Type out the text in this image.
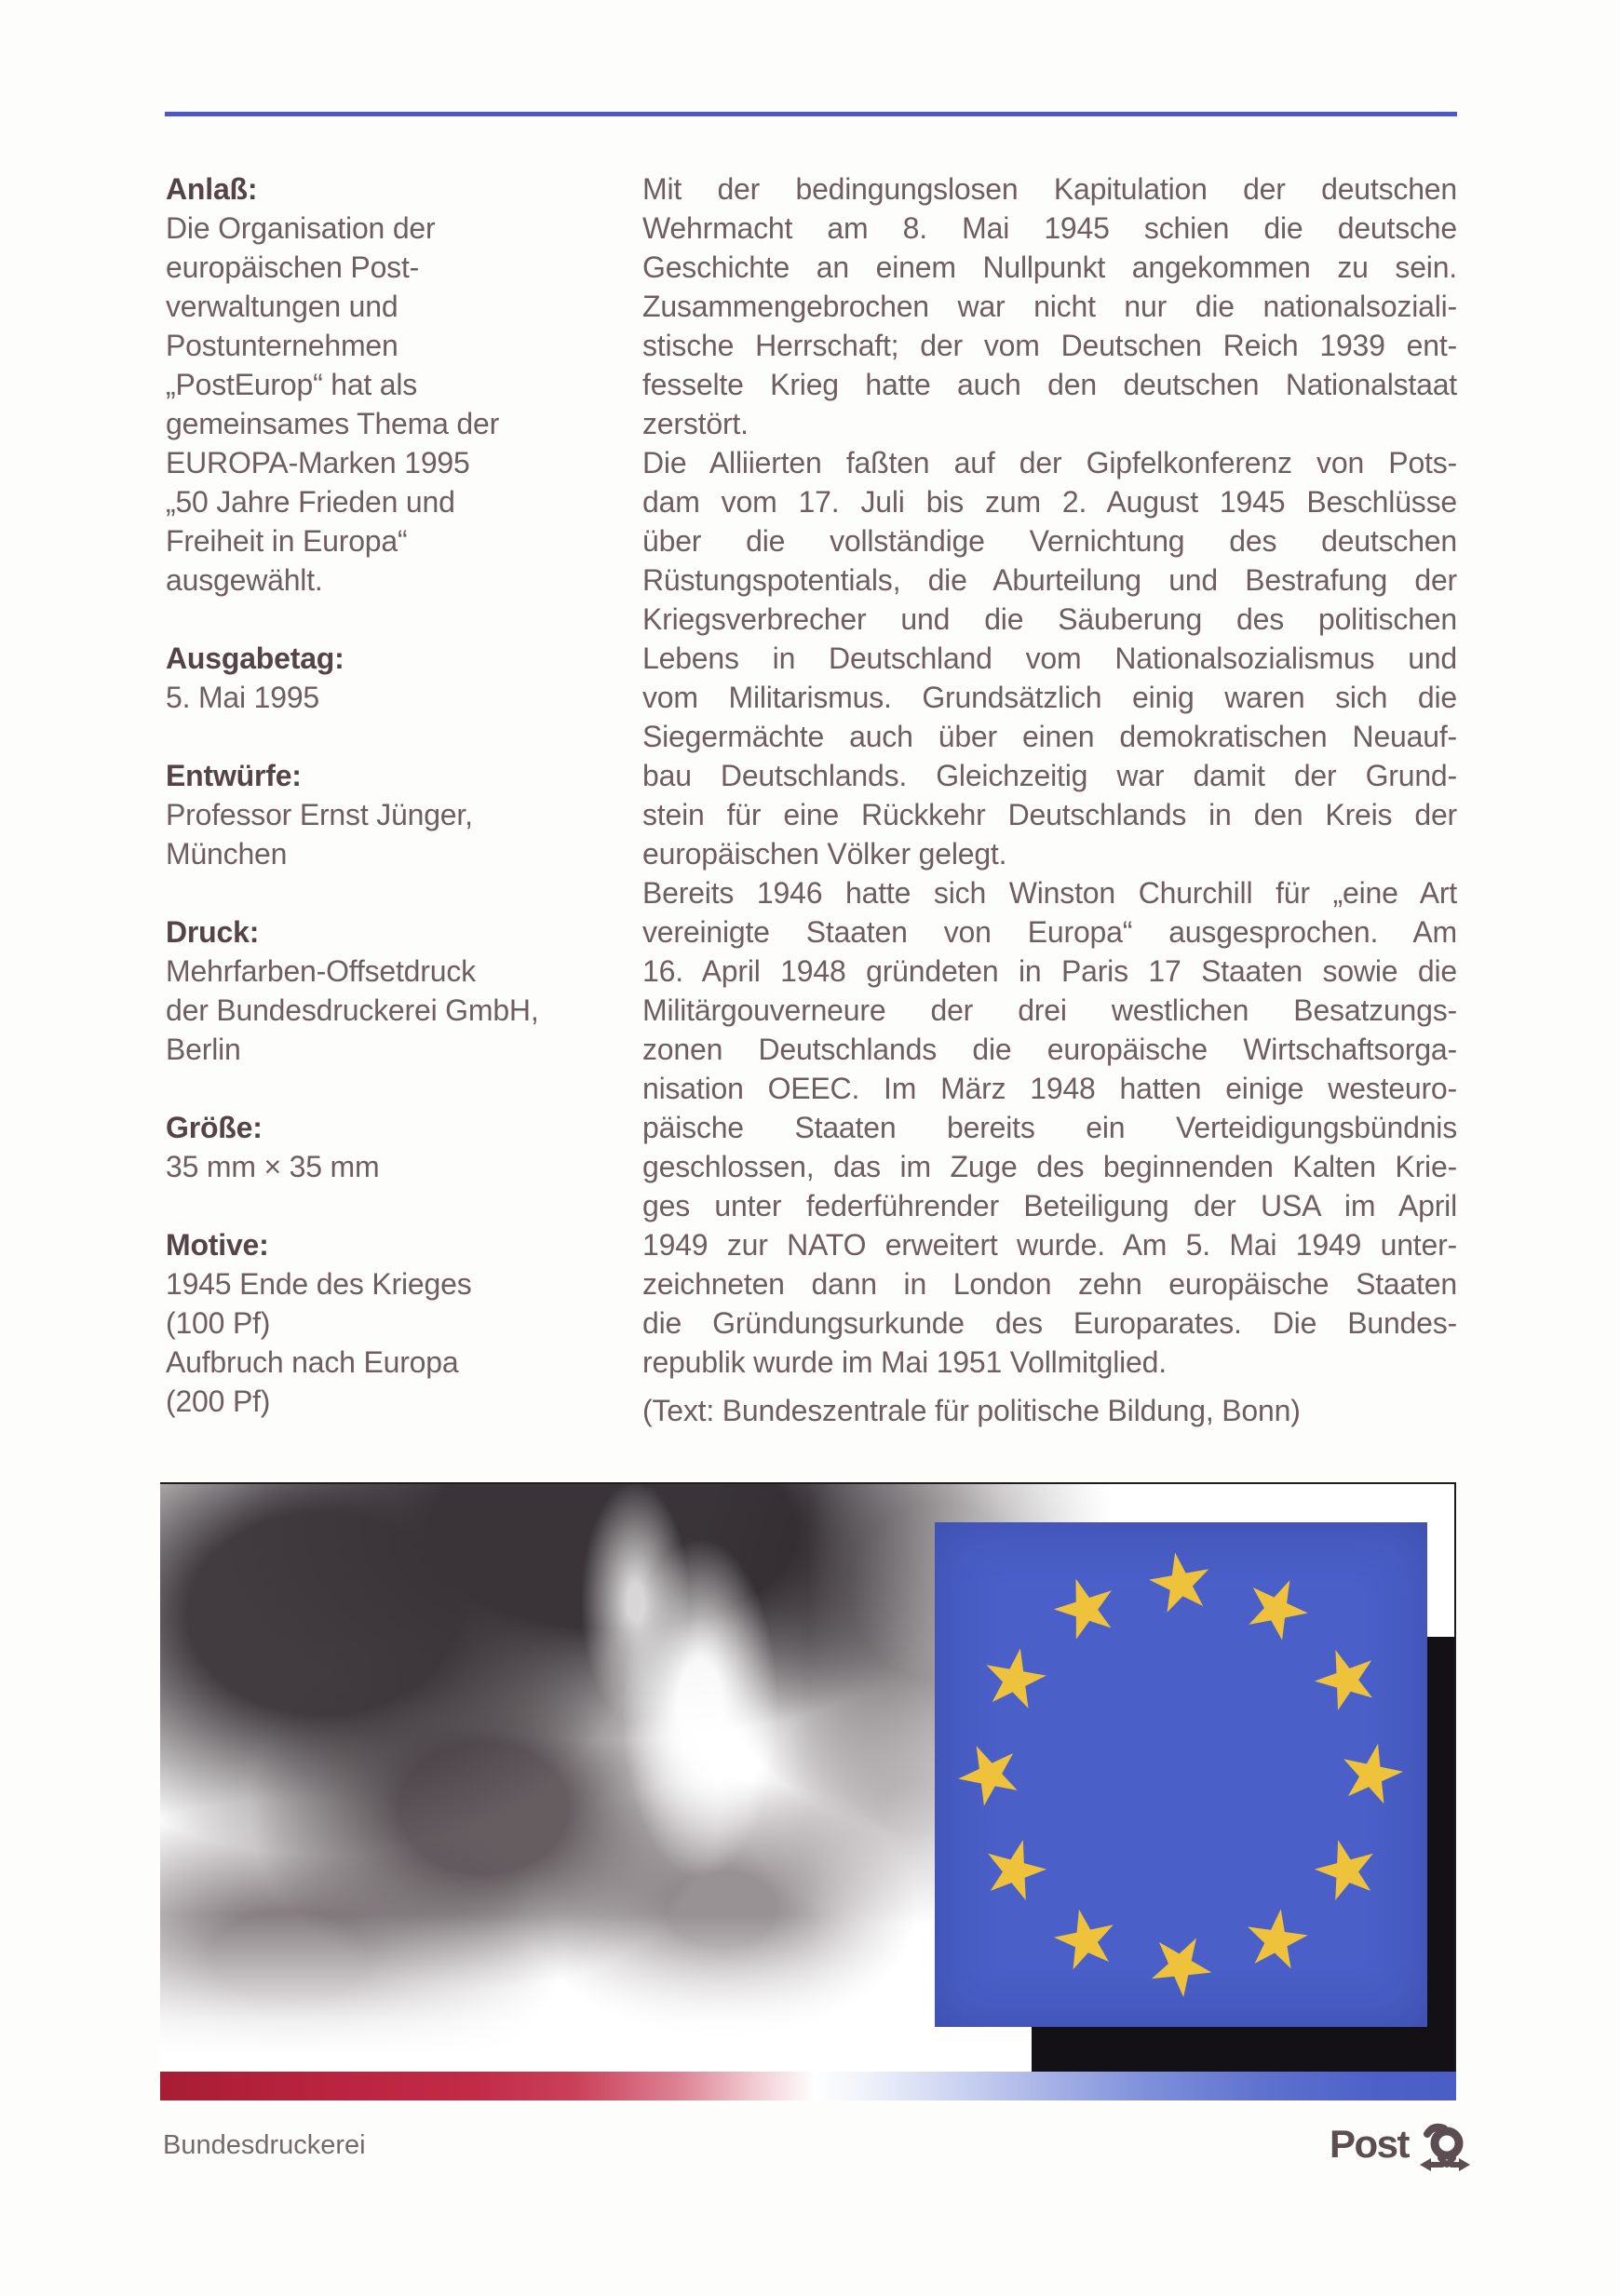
Anlaß:
Die Organisation der
europäischen Post-
verwaltungen und
Postunternehmen
„PostEurop“ hat als
gemeinsames Thema der
EUROPA-Marken 1995
„50 Jahre Frieden und
Freiheit in Europa“
ausgewählt.
Ausgabetag:
5. Mai 1995
Entwürfe:
Professor Ernst Jünger,
München
Druck:
Mehrfarben-Offsetdruck
der Bundesdruckerei GmbH,
Berlin
Größe:
35 mm × 35 mm
Motive:
1945 Ende des Krieges
(100 Pf)
Aufbruch nach Europa
(200 Pf)
Mit der bedingungslosen Kapitulation der deutschen
Wehrmacht am 8. Mai 1945 schien die deutsche
Geschichte an einem Nullpunkt angekommen zu sein.
Zusammengebrochen war nicht nur die nationalsoziali-
stische Herrschaft; der vom Deutschen Reich 1939 ent-
fesselte Krieg hatte auch den deutschen Nationalstaat
zerstört.
Die Alliierten faßten auf der Gipfelkonferenz von Pots-
dam vom 17. Juli bis zum 2. August 1945 Beschlüsse
über die vollständige Vernichtung des deutschen
Rüstungspotentials, die Aburteilung und Bestrafung der
Kriegsverbrecher und die Säuberung des politischen
Lebens in Deutschland vom Nationalsozialismus und
vom Militarismus. Grundsätzlich einig waren sich die
Siegermächte auch über einen demokratischen Neuauf-
bau Deutschlands. Gleichzeitig war damit der Grund-
stein für eine Rückkehr Deutschlands in den Kreis der
europäischen Völker gelegt.
Bereits 1946 hatte sich Winston Churchill für „eine Art
vereinigte Staaten von Europa“ ausgesprochen. Am
16. April 1948 gründeten in Paris 17 Staaten sowie die
Militärgouverneure der drei westlichen Besatzungs-
zonen Deutschlands die europäische Wirtschaftsorga-
nisation OEEC. Im März 1948 hatten einige westeuro-
päische Staaten bereits ein Verteidigungsbündnis
geschlossen, das im Zuge des beginnenden Kalten Krie-
ges unter federführender Beteiligung der USA im April
1949 zur NATO erweitert wurde. Am 5. Mai 1949 unter-
zeichneten dann in London zehn europäische Staaten
die Gründungsurkunde des Europarates. Die Bundes-
republik wurde im Mai 1951 Vollmitglied.
(Text: Bundeszentrale für politische Bildung, Bonn)
Bundesdruckerei	Post
